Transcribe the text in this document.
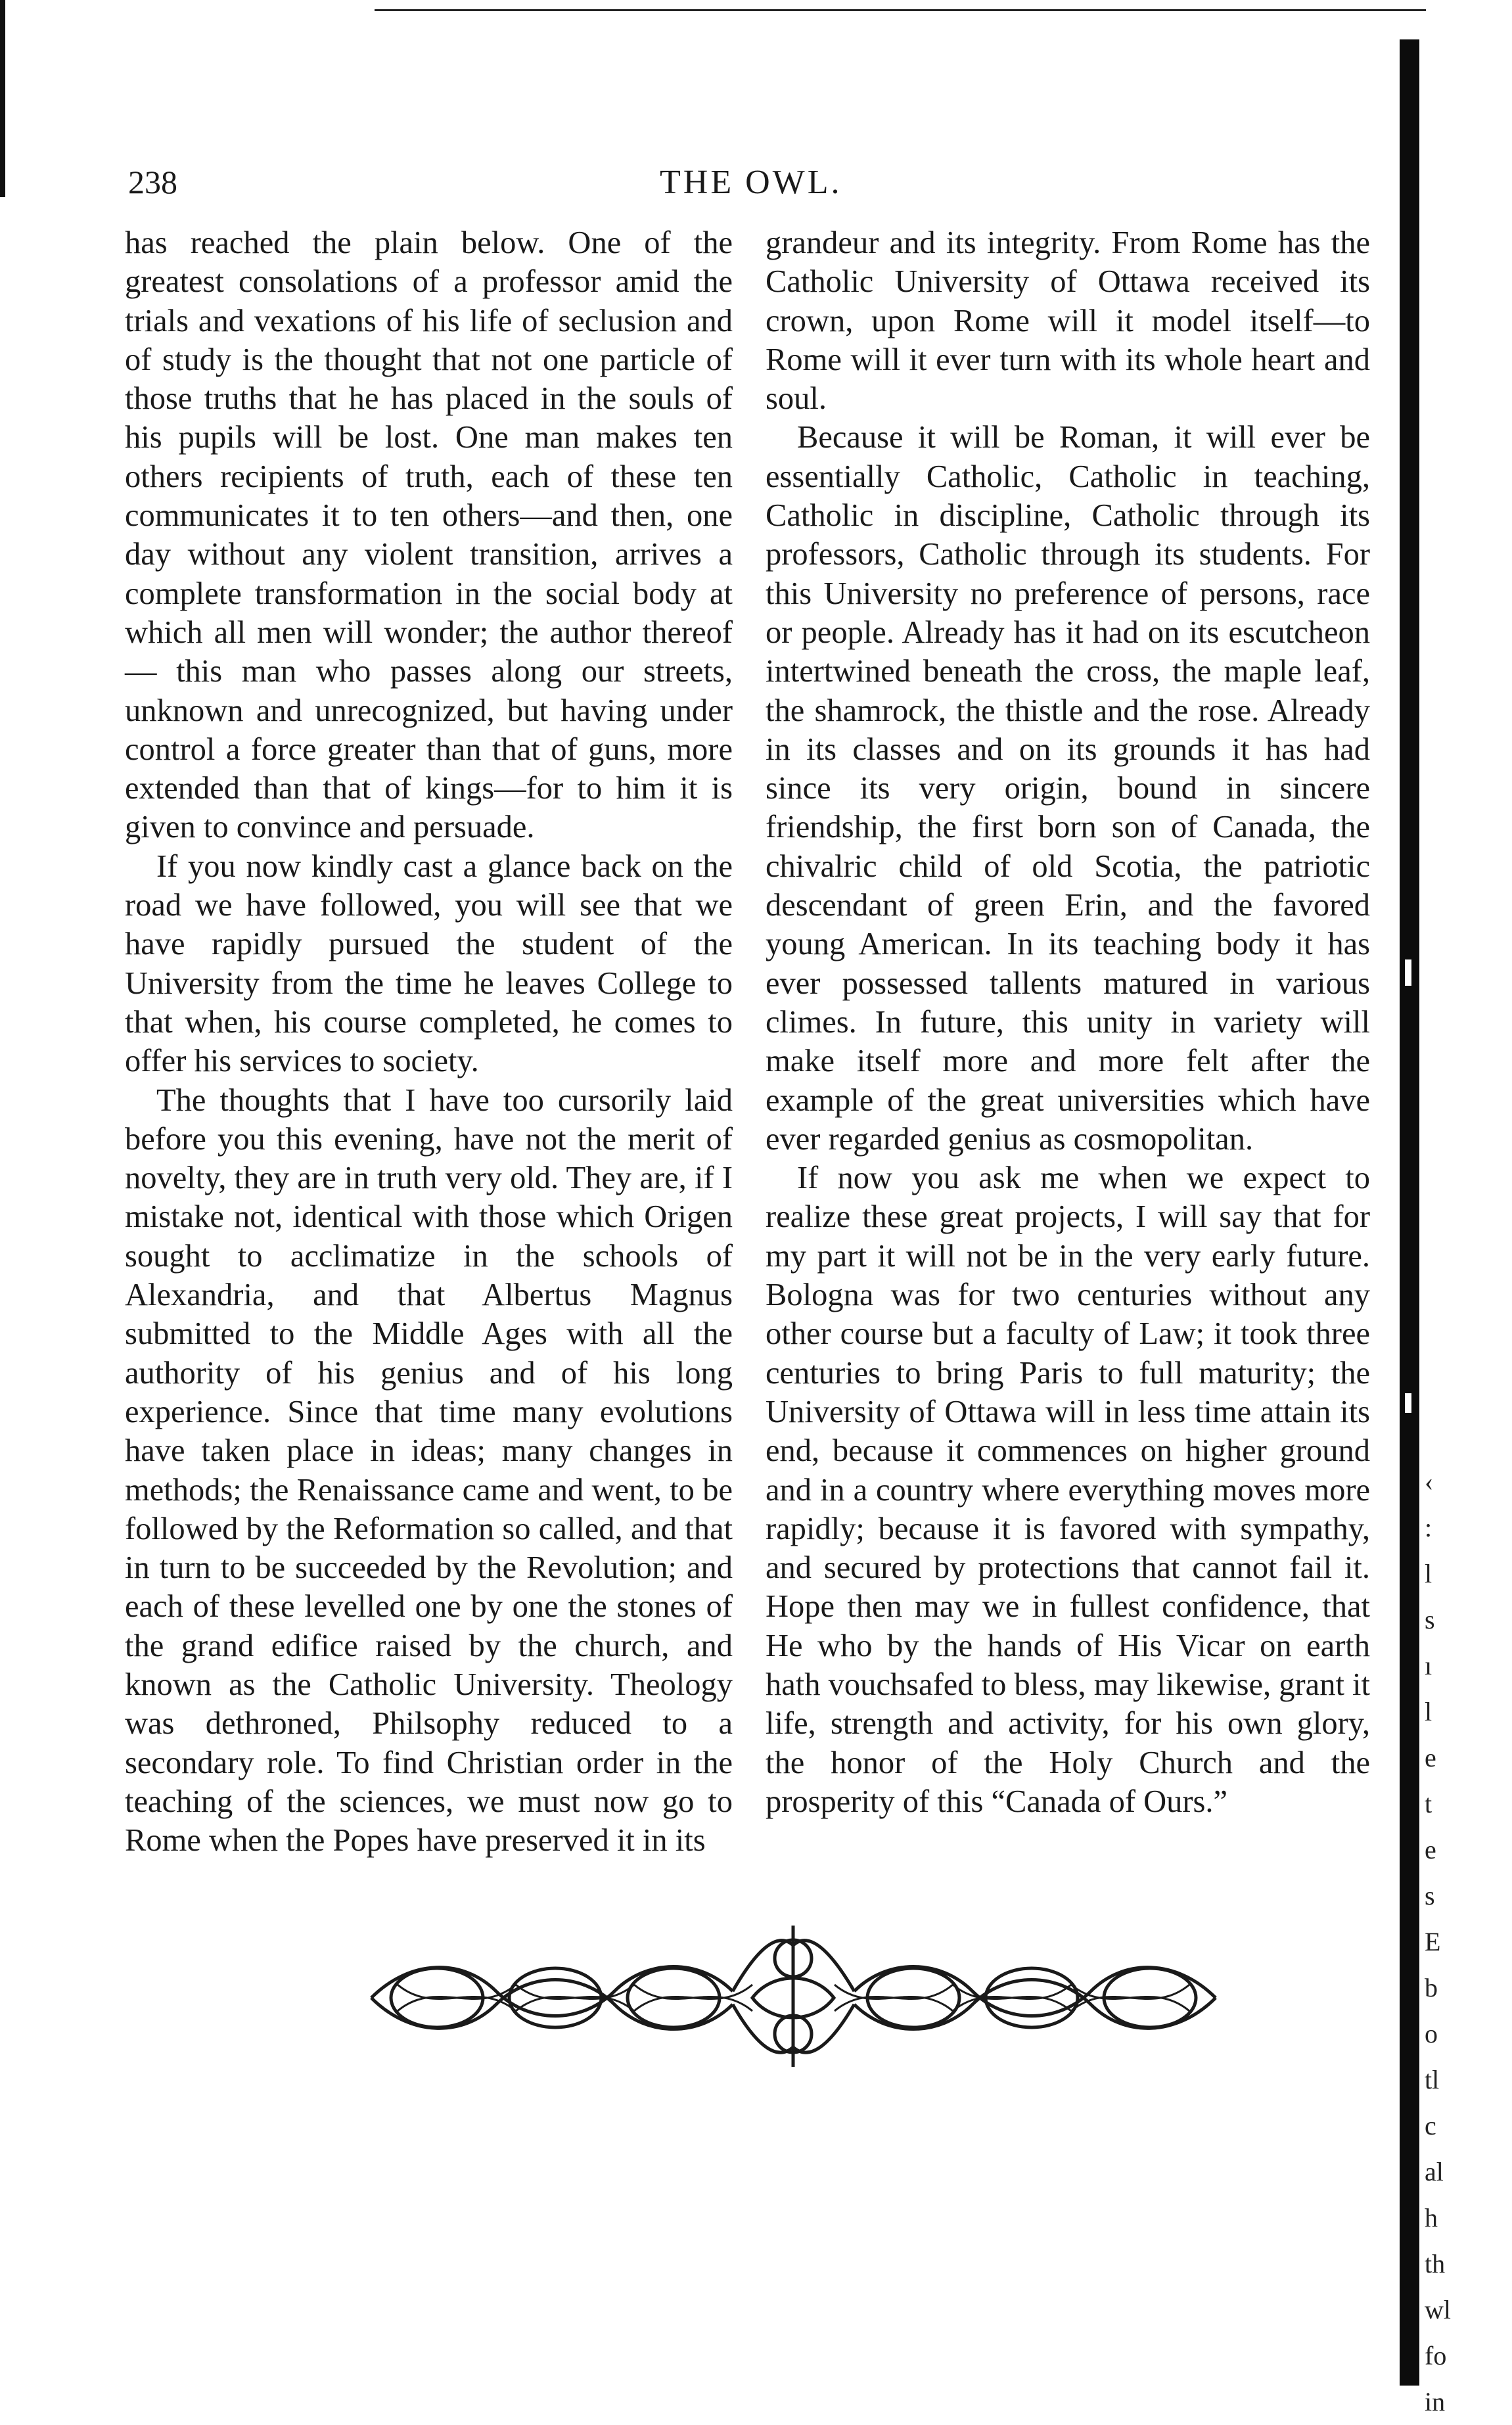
238	THE OWL.

has reached the plain below. One of the greatest consolations of a professor amid the trials and vexations of his life of seclusion and of study is the thought that not one particle of those truths that he has placed in the souls of his pupils will be lost. One man makes ten others recipients of truth, each of these ten communicates it to ten others—and then, one day without any violent transition, arrives a complete transformation in the social body at which all men will wonder; the author thereof— this man who passes along our streets, unknown and unrecognized, but having under control a force greater than that of guns, more extended than that of kings—for to him it is given to convince and persuade.

If you now kindly cast a glance back on the road we have followed, you will see that we have rapidly pursued the student of the University from the time he leaves College to that when, his course completed, he comes to offer his services to society.

The thoughts that I have too cursorily laid before you this evening, have not the merit of novelty, they are in truth very old. They are, if I mistake not, identical with those which Origen sought to acclimatize in the schools of Alexandria, and that Albertus Magnus submitted to the Middle Ages with all the authority of his genius and of his long experience. Since that time many evolutions have taken place in ideas; many changes in methods; the Renaissance came and went, to be followed by the Reformation so called, and that in turn to be succeeded by the Revolution; and each of these levelled one by one the stones of the grand edifice raised by the church, and known as the Catholic University. Theology was dethroned, Philsophy reduced to a secondary role. To find Christian order in the teaching of the sciences, we must now go to Rome when the Popes have preserved it in its

grandeur and its integrity. From Rome has the Catholic University of Ottawa received its crown, upon Rome will it model itself—to Rome will it ever turn with its whole heart and soul.

Because it will be Roman, it will ever be essentially Catholic, Catholic in teaching, Catholic in discipline, Catholic through its professors, Catholic through its students. For this University no preference of persons, race or people. Already has it had on its escutcheon intertwined beneath the cross, the maple leaf, the shamrock, the thistle and the rose. Already in its classes and on its grounds it has had since its very origin, bound in sincere friendship, the first born son of Canada, the chivalric child of old Scotia, the patriotic descendant of green Erin, and the favored young American. In its teaching body it has ever possessed tallents matured in various climes. In future, this unity in variety will make itself more and more felt after the example of the great universities which have ever regarded genius as cosmopolitan.

If now you ask me when we expect to realize these great projects, I will say that for my part it will not be in the very early future. Bologna was for two centuries without any other course but a faculty of Law; it took three centuries to bring Paris to full maturity; the University of Ottawa will in less time attain its end, because it commences on higher ground and in a country where everything moves more rapidly; because it is favored with sympathy, and secured by protections that cannot fail it. Hope then may we in fullest confidence, that He who by the hands of His Vicar on earth hath vouchsafed to bless, may likewise, grant it life, strength and activity, for his own glory, the honor of the Holy Church and the prosperity of this “Canada of Ours.”

‹
:
l
s
ı
l
e
t
e
s
E
b
o
tl
c
al
h
th
wl
fo
in
